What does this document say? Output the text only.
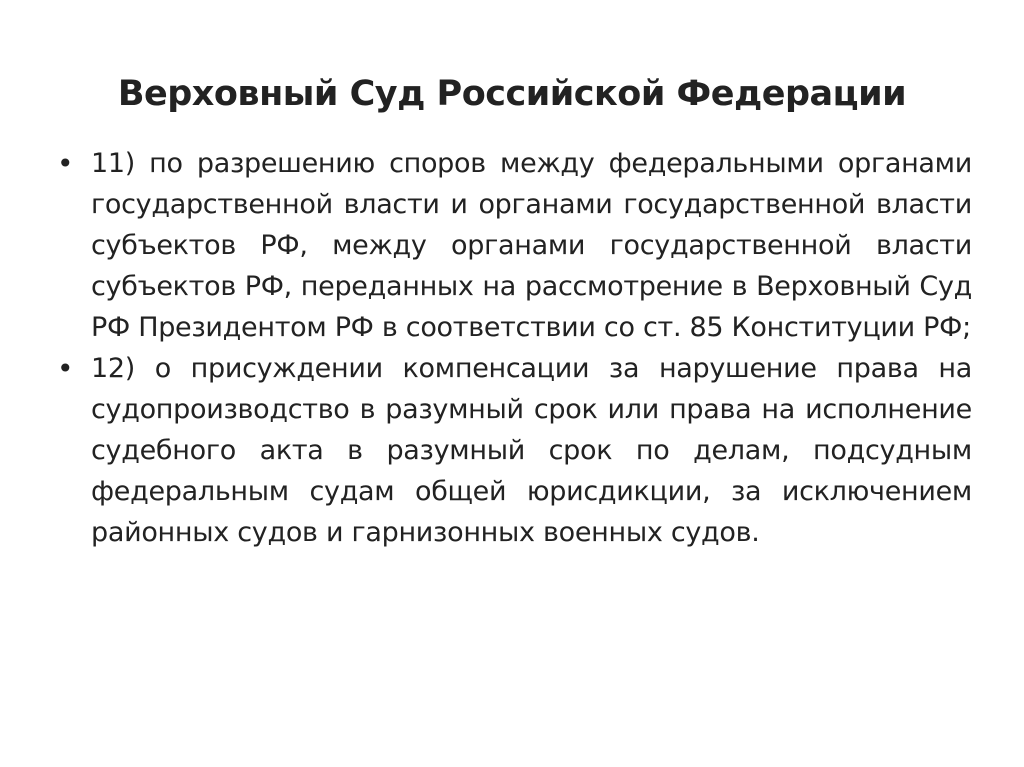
Верховный Суд Российской Федерации
• 11) по разрешению споров между федеральными органами государственной власти и органами государственной власти субъектов РФ, между органами государственной власти субъектов РФ, переданных на рассмотрение в Верховный Суд РФ Президентом РФ в соответствии со ст. 85 Конституции РФ;
• 12) о присуждении компенсации за нарушение права на судопроизводство в разумный срок или права на исполнение судебного акта в разумный срок по делам, подсудным федеральным судам общей юрисдикции, за исключением районных судов и гарнизонных военных судов.
